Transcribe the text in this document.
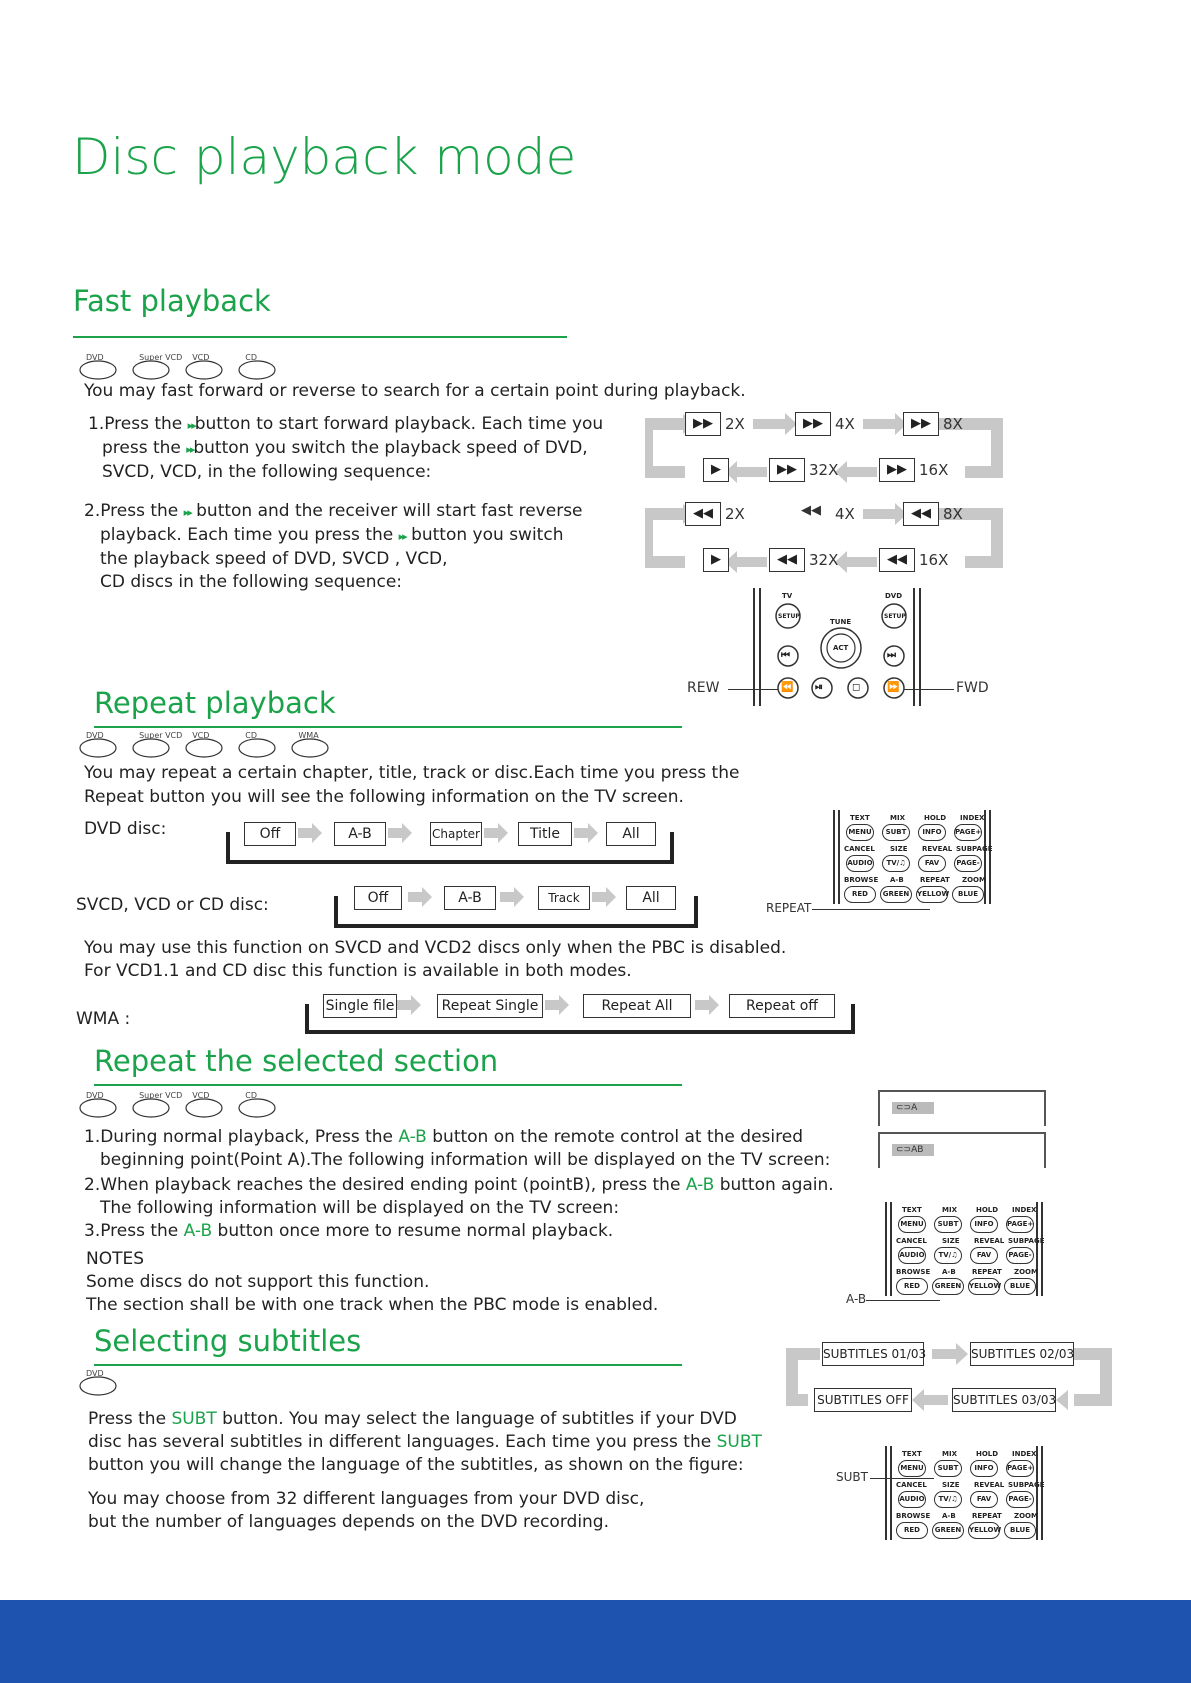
Disc playback mode
Fast playback
DVD
	Super VCD
VCD
	CD
You may fast forward or reverse to search for a certain point during playback.
1.Press the ▸▸button to start forward playback. Each time you
press the ▸▸button you switch the playback speed of DVD,
SVCD, VCD, in the following sequence:
2.Press the ▸▸ button and the receiver will start fast reverse
playback. Each time you press the ▸▸ button you switch
the playback speed of DVD, SVCD , VCD,
CD discs in the following sequence:
▶▶ 2X	▶▶ 4X	▶▶ 8X
▶	▶▶ 32X	▶▶ 16X
◀◀ 2X	◀◀ 4X	◀◀ 8X
▶	◀◀ 32X	◀◀ 16X
TV	DVD
TUNE
SETUP	SETUP
ACT
⏮	⏭
⏪ ⏯	◻	⏩
REW	FWD
Repeat playback
DVD
	Super VCD
VCD
	CD
	WMA
You may repeat a certain chapter, title, track or disc.Each time you press the
Repeat button you will see the following information on the TV screen.
DVD disc:	Off	A-B	Chapter	Title	All
SVCD, VCD or CD disc:	Off	A-B	Track	All
TEXT	MIX	HOLD INDEX
MENU	SUBT	INFO	PAGE+
CANCEL SIZE REVEAL SUBPAGE
AUDIO	TV/♫	FAV	PAGE-
BROWSE A-B REPEAT ZOOM
RED	GREEN	YELLOW	BLUE
REPEAT
You may use this function on SVCD and VCD2 discs only when the PBC is disabled.
For VCD1.1 and CD disc this function is available in both modes.
WMA :
Single file	Repeat Single	Repeat All	Repeat off
Repeat the selected section
DVD
	Super VCD
VCD
	CD
1.During normal playback, Press the A-B button on the remote control at the desired
beginning point(Point A).The following information will be displayed on the TV screen:
2.When playback reaches the desired ending point (pointB), press the A-B button again.
The following information will be displayed on the TV screen:
3.Press the A-B button once more to resume normal playback.
NOTES
Some discs do not support this function.
The section shall be with one track when the PBC mode is enabled.
⊂⊃A
⊂⊃AB
TEXT	MIX	HOLD INDEX
MENU	SUBT	INFO	PAGE+
CANCEL SIZE REVEAL SUBPAGE
AUDIO	TV/♫	FAV	PAGE-
BROWSE A-B REPEAT ZOOM
RED	GREEN	YELLOW	BLUE
A-B
Selecting subtitles
DVD
Press the SUBT button. You may select the language of subtitles if your DVD
disc has several subtitles in different languages. Each time you press the SUBT
button you will change the language of the subtitles, as shown on the figure:
You may choose from 32 different languages from your DVD disc,
but the number of languages depends on the DVD recording.
SUBTITLES 01/03	SUBTITLES 02/03
SUBTITLES 03/03
SUBTITLES OFF
TEXT	MIX	HOLD INDEX
MENU	SUBT	INFO	PAGE+
CANCEL SIZE REVEAL SUBPAGE
AUDIO	TV/♫	FAV	PAGE-
BROWSE A-B REPEAT ZOOM
RED	GREEN	YELLOW	BLUE
SUBT
